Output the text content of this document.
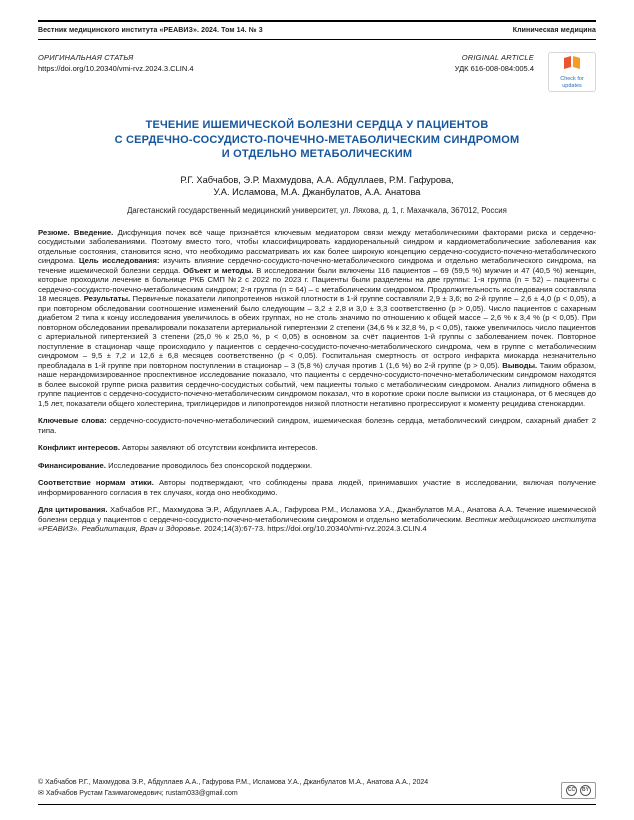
Вестник медицинского института «РЕАВИЗ». 2024. Том 14. № 3	Клиническая медицина
ОРИГИНАЛЬНАЯ СТАТЬЯ
https://doi.org/10.20340/vmi-rvz.2024.3.CLIN.4
ORIGINAL ARTICLE
УДК 616-008-084:005.4
Check for updates
ТЕЧЕНИЕ ИШЕМИЧЕСКОЙ БОЛЕЗНИ СЕРДЦА У ПАЦИЕНТОВ
С СЕРДЕЧНО-СОСУДИСТО-ПОЧЕЧНО-МЕТАБОЛИЧЕСКИМ СИНДРОМОМ
И ОТДЕЛЬНО МЕТАБОЛИЧЕСКИМ
Р.Г. Хабчабов, Э.Р. Махмудова, А.А. Абдуллаев, Р.М. Гафурова,
У.А. Исламова, М.А. Джанбулатов, А.А. Анатова
Дагестанский государственный медицинский университет, ул. Ляхова, д. 1, г. Махачкала, 367012, Россия

Резюме. Введение. Дисфункция почек всё чаще признаётся ключевым медиатором связи между метаболическими факторами риска и сердечно-сосудистыми заболеваниями. Поэтому вместо того, чтобы классифицировать кардиоренальный синдром и кардиометаболические заболевания как отдельные состояния, становится ясно, что необходимо рассматривать их как более широкую концепцию сердечно-сосудисто-почечно-метаболического синдрома. Цель исследования: изучить влияние сердечно-сосудисто-почечно-метаболического синдрома и отдельно метаболического синдрома, на течение ишемической болезни сердца. Объект и методы. В исследовании были включены 116 пациентов – 69 (59,5 %) мужчин и 47 (40,5 %) женщин, которые проходили лечение в больнице РКБ СМП №2 с 2022 по 2023 г. Пациенты были разделены на две группы: 1-я группа (n = 52) – пациенты с сердечно-сосудисто-почечно-метаболическим синдром; 2-я группа (n = 64) – с метаболическим синдромом. Продолжительность исследования составляла 18 месяцев. Результаты. Первичные показатели липопротеинов низкой плотности в 1-й группе составляли 2,9 ± 3,6; во 2-й группе – 2,6 ± 4,0 (p < 0,05), а при повторном обследовании соотношение изменений было следующим – 3,2 ± 2,8 и 3,0 ± 3,3 соответственно (p > 0,05). Число пациентов с сахарным диабетом 2 типа к концу исследования увеличилось в обеих группах, но не столь значимо по отношению к общей массе – 2,6 % к 3,4 % (p < 0,05). При повторном обследовании превалировали показатели артериальной гипертензии 2 степени (34,6 % к 32,8 %, p < 0,05), также увеличилось число пациентов с артериальной гипертензией 3 степени (25,0 % к 25,0 %, p < 0,05) в основном за счёт пациентов 1-й группы с заболеванием почек. Повторное поступление в стационар чаще происходило у пациентов с сердечно-сосудисто-почечно-метаболического синдрома, чем в группе с метаболическим синдромом – 9,5 ± 7,2 и 12,6 ± 6,8 месяцев соответственно (p < 0,05). Госпитальная смертность от острого инфаркта миокарда незначительно преобладала в 1-й группе при повторном поступлении в стационар – 3 (5,8 %) случая против 1 (1,6 %) во 2-й группе (p > 0,05). Выводы. Таким образом, наше нерандомизированное проспективное исследование показало, что пациенты с сердечно-сосудисто-почечно-метаболическим синдромом находятся в более высокой группе риска развития сердечно-сосудистых событий, чем пациенты только с метаболическим синдромом. Анализ липидного обмена в группе пациентов с сердечно-сосудисто-почечно-метаболическим синдромом показал, что в короткие сроки после выписки из стационара, от 6 месяцев до 1,5 лет, показатели общего холестерина, триглицеридов и липопротеидов низкой плотности негативно прогрессируют к моменту рецидива стенокардии.

Ключевые слова: сердечно-сосудисто-почечно-метаболический синдром, ишемическая болезнь сердца, метаболический синдром, сахарный диабет 2 типа.

Конфликт интересов. Авторы заявляют об отсутствии конфликта интересов.

Финансирование. Исследование проводилось без спонсорской поддержки.

Соответствие нормам этики. Авторы подтверждают, что соблюдены права людей, принимавших участие в исследовании, включая получение информированного согласия в тех случаях, когда оно необходимо.

Для цитирования. Хабчабов Р.Г., Махмудова Э.Р., Абдуллаев А.А., Гафурова Р.М., Исламова У.А., Джанбулатов М.А., Анатова А.А. Течение ишемической болезни сердца у пациентов с сердечно-сосудисто-почечно-метаболическим синдромом и отдельно метаболическим. Вестник медицинского института «РЕАВИЗ». Реабилитация, Врач и Здоровье. 2024;14(3):67-73. https://doi.org/10.20340/vmi-rvz.2024.3.CLIN.4

© Хабчабов Р.Г., Махмудова Э.Р., Абдуллаев А.А., Гафурова Р.М., Исламова У.А., Джанбулатов М.А., Анатова А.А., 2024
✉ Хабчабов Рустам Газимагомедович; rustam033@gmail.com	CC	BY
